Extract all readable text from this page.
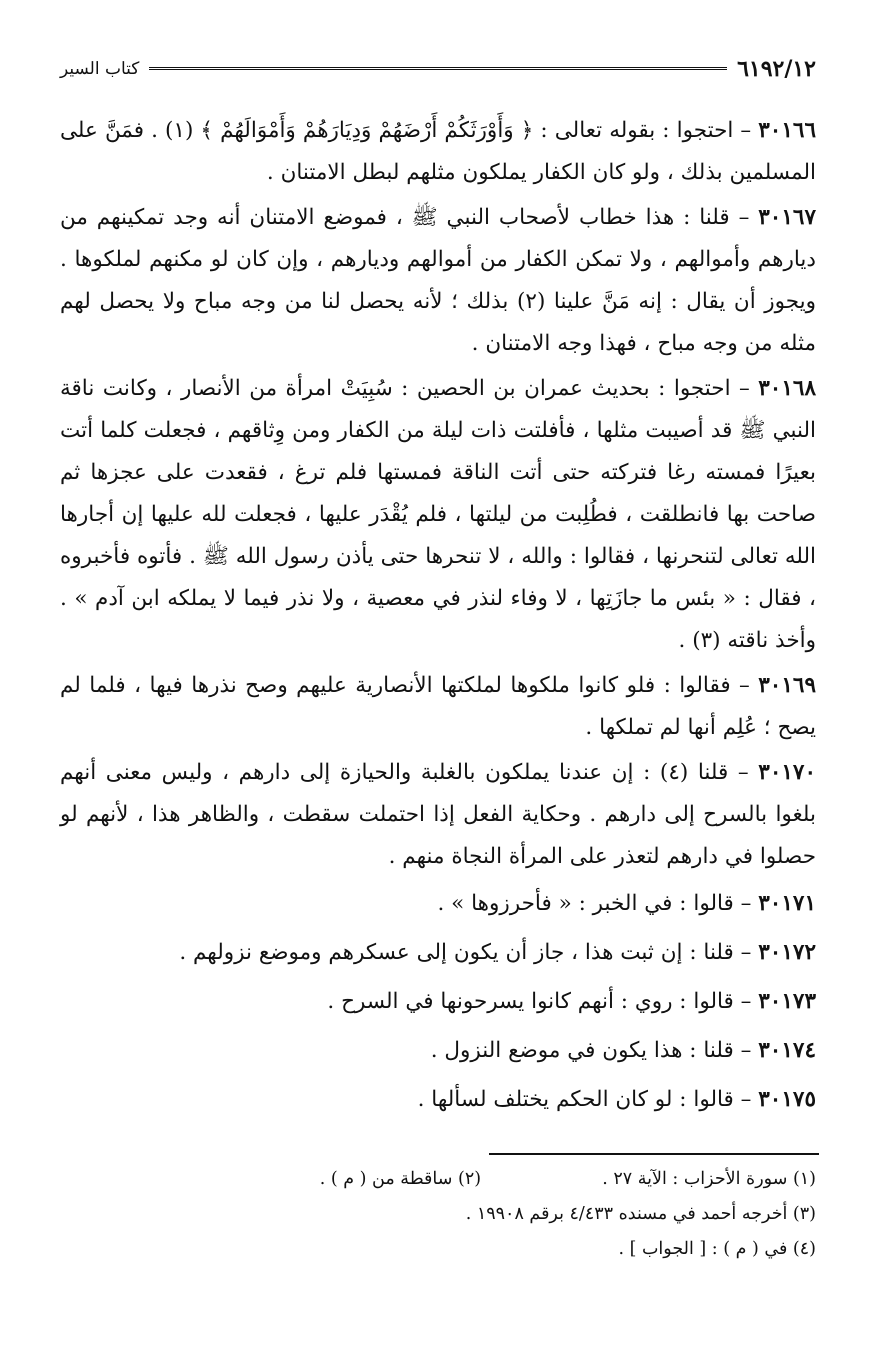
٦١٩٢/١٢
كتاب السير

٣٠١٦٦ – احتجوا : بقوله تعالى : ﴿ وَأَوْرَثَكُمْ أَرْضَهُمْ وَدِيَارَهُمْ وَأَمْوَالَهُمْ ﴾ (١) . فمَنَّ على المسلمين بذلك ، ولو كان الكفار يملكون مثلهم لبطل الامتنان .

٣٠١٦٧ – قلنا : هذا خطاب لأصحاب النبي ﷺ ، فموضع الامتنان أنه وجد تمكينهم من ديارهم وأموالهم ، ولا تمكن الكفار من أموالهم وديارهم ، وإن كان لو مكنهم لملكوها . ويجوز أن يقال : إنه مَنَّ علينا (٢) بذلك ؛ لأنه يحصل لنا من وجه مباح ولا يحصل لهم مثله من وجه مباح ، فهذا وجه الامتنان .

٣٠١٦٨ – احتجوا : بحديث عمران بن الحصين : سُبِيَتْ امرأة من الأنصار ، وكانت ناقة النبي ﷺ قد أصيبت مثلها ، فأفلتت ذات ليلة من الكفار ومن وِثاقهم ، فجعلت كلما أتت بعيرًا فمسته رغا فتركته حتى أتت الناقة فمستها فلم ترغ ، فقعدت على عجزها ثم صاحت بها فانطلقت ، فطُلِبت من ليلتها ، فلم يُقْدَر عليها ، فجعلت لله عليها إن أجارها الله تعالى لتنحرنها ، فقالوا : والله ، لا تنحرها حتى يأذن رسول الله ﷺ . فأتوه فأخبروه ، فقال : « بئس ما جازَتِها ، لا وفاء لنذر في معصية ، ولا نذر فيما لا يملكه ابن آدم » . وأخذ ناقته (٣) .

٣٠١٦٩ – فقالوا : فلو كانوا ملكوها لملكتها الأنصارية عليهم وصح نذرها فيها ، فلما لم يصح ؛ عُلِم أنها لم تملكها .

٣٠١٧٠ – قلنا (٤) : إن عندنا يملكون بالغلبة والحيازة إلى دارهم ، وليس معنى أنهم بلغوا بالسرح إلى دارهم . وحكاية الفعل إذا احتملت سقطت ، والظاهر هذا ، لأنهم لو حصلوا في دارهم لتعذر على المرأة النجاة منهم .

٣٠١٧١ – قالوا : في الخبر : « فأحرزوها » .

٣٠١٧٢ – قلنا : إن ثبت هذا ، جاز أن يكون إلى عسكرهم وموضع نزولهم .

٣٠١٧٣ – قالوا : روي : أنهم كانوا يسرحونها في السرح .

٣٠١٧٤ – قلنا : هذا يكون في موضع النزول .

٣٠١٧٥ – قالوا : لو كان الحكم يختلف لسألها .

(١) سورة الأحزاب : الآية ٢٧ .  (٢) ساقطة من ( م ) .
(٣) أخرجه أحمد في مسنده ٤/٤٣٣ برقم ١٩٩٠٨ .
(٤) في ( م ) : [ الجواب ] .
